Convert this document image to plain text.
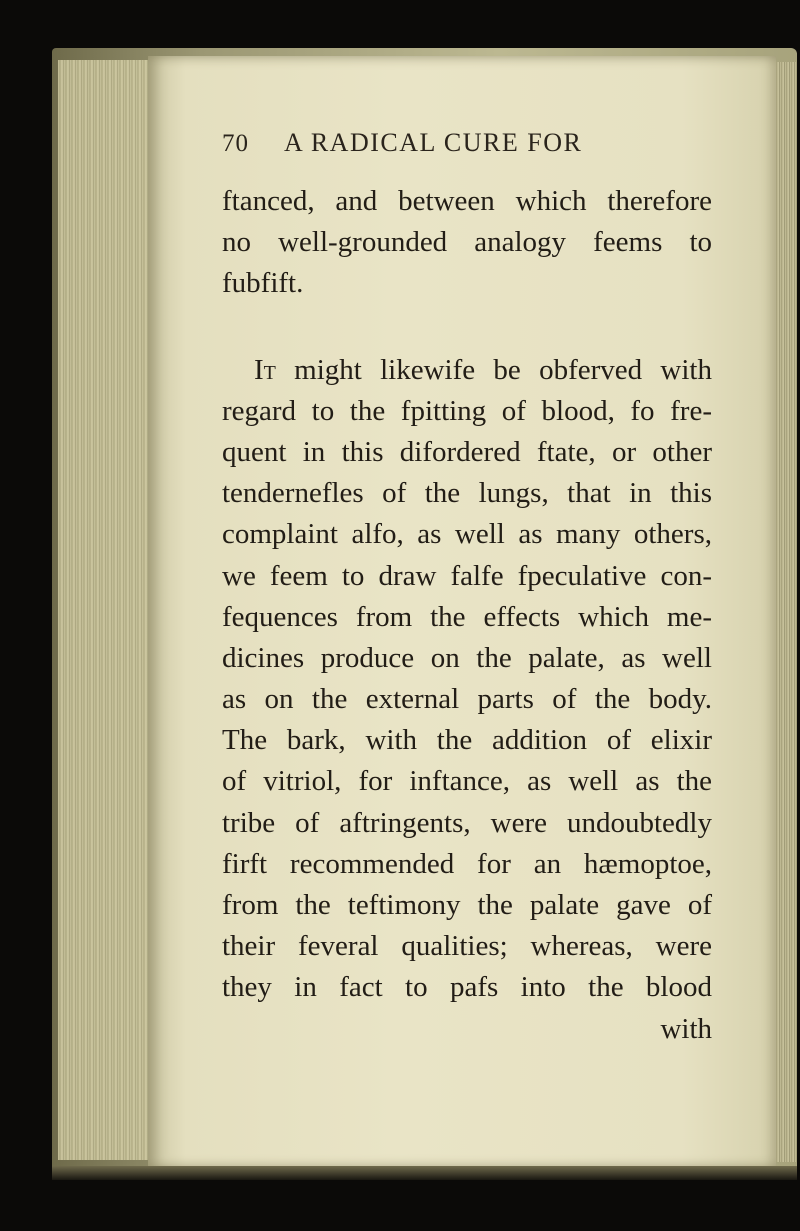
70 A RADICAL CURE FOR
ftanced, and between which therefore
no well-grounded analogy feems to
fubfift.
It might likewife be obferved with
regard to the fpitting of blood, fo fre-
quent in this difordered ftate, or other
tendernefles of the lungs, that in this
complaint alfo, as well as many others,
we feem to draw falfe fpeculative con-
fequences from the effects which me-
dicines produce on the palate, as well
as on the external parts of the body.
The bark, with the addition of elixir
of vitriol, for inftance, as well as the
tribe of aftringents, were undoubtedly
firft recommended for an hæmoptoe,
from the teftimony the palate gave of
their feveral qualities; whereas, were
they in fact to pafs into the blood
with
